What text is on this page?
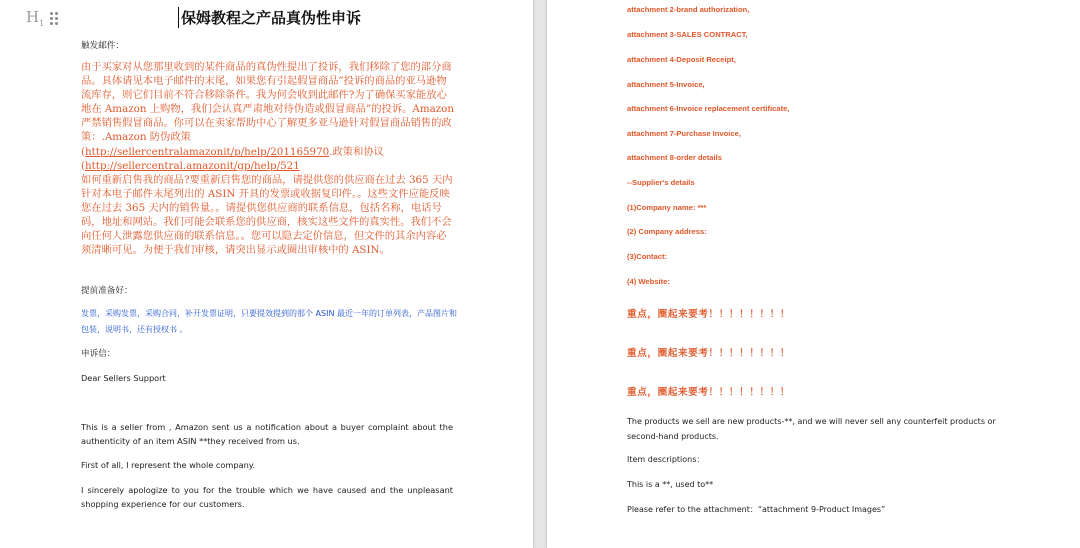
$H_1$	保姆教程之产品真伪性申诉
触发邮件：
由于买家对从您那里收到的某件商品的真伪性提出了投诉，我们移除了您的部分商品。具体请见本电子邮件的末尾，如果您有引起假冒商品”投诉的商品的亚马逊物流库存，则它们目前不符合移除条件。我为何会收到此邮件?为了确保买家能放心地在 Amazon 上购物，我们会认真严肃地对待伪造或假冒商品”的投诉。Amazon 严禁销售假冒商品。你可以在卖家帮助中心了解更多亚马逊针对假冒商品销售的政策：.Amazon 防伪政策
(http://sellercentralamazonit/p/help/201165970.政策和协议
(http://sellercentral.amazonit/gp/help/521
如何重新启售我的商品?要重新启售您的商品，请提供您的供应商在过去 365 天内针对本电子邮件末尾列出的 ASIN 开具的发票或收据复印件。。这些文件应能反映您在过去 365 天内的销售量。。请提供您供应商的联系信息，包括名称，电话号码，地址和网站。我们可能会联系您的供应商，核实这些文件的真实性。我们不会向任何人泄露您供应商的联系信息。。您可以隐去定价信息，但文件的其余内容必须清晰可见。为便于我们审核，请突出显示或圈出审核中的 ASIN。
提前准备好：
发票，采购发票，采购合同，补开发票证明，只要提效提到的那个 ASIN 最近一年的订单列表，产品图片和包装，说明书，还有授权书 。
申诉信：
Dear Sellers Support
This is a seller from , Amazon sent us a notification about a buyer complaint about the authenticity of an item ASIN **they received from us.
First of all, I represent the whole company.
I sincerely apologize to you for the trouble which we have caused and the unpleasant shopping experience for our customers.
attachment 2-brand authorization,
attachment 3-SALES CONTRACT,
attachment 4-Deposit Receipt,
attachment 5-Invoice,
attachment 6-Invoice replacement certificate,
attachment 7-Purchase Invoice,
attachment 8-order details
--Supplier's details
(1)Company name: ***
(2) Company address:
(3)Contact:
(4) Website:
重点，圈起来要考！！！！！！！！
重点，圈起来要考！！！！！！！！
重点，圈起来要考！！！！！！！！
The products we sell are new products-**, and we will never sell any counterfeit products or second-hand products.
Item descriptions：
This is a **, used to**
Please refer to the attachment：“attachment 9-Product Images”
